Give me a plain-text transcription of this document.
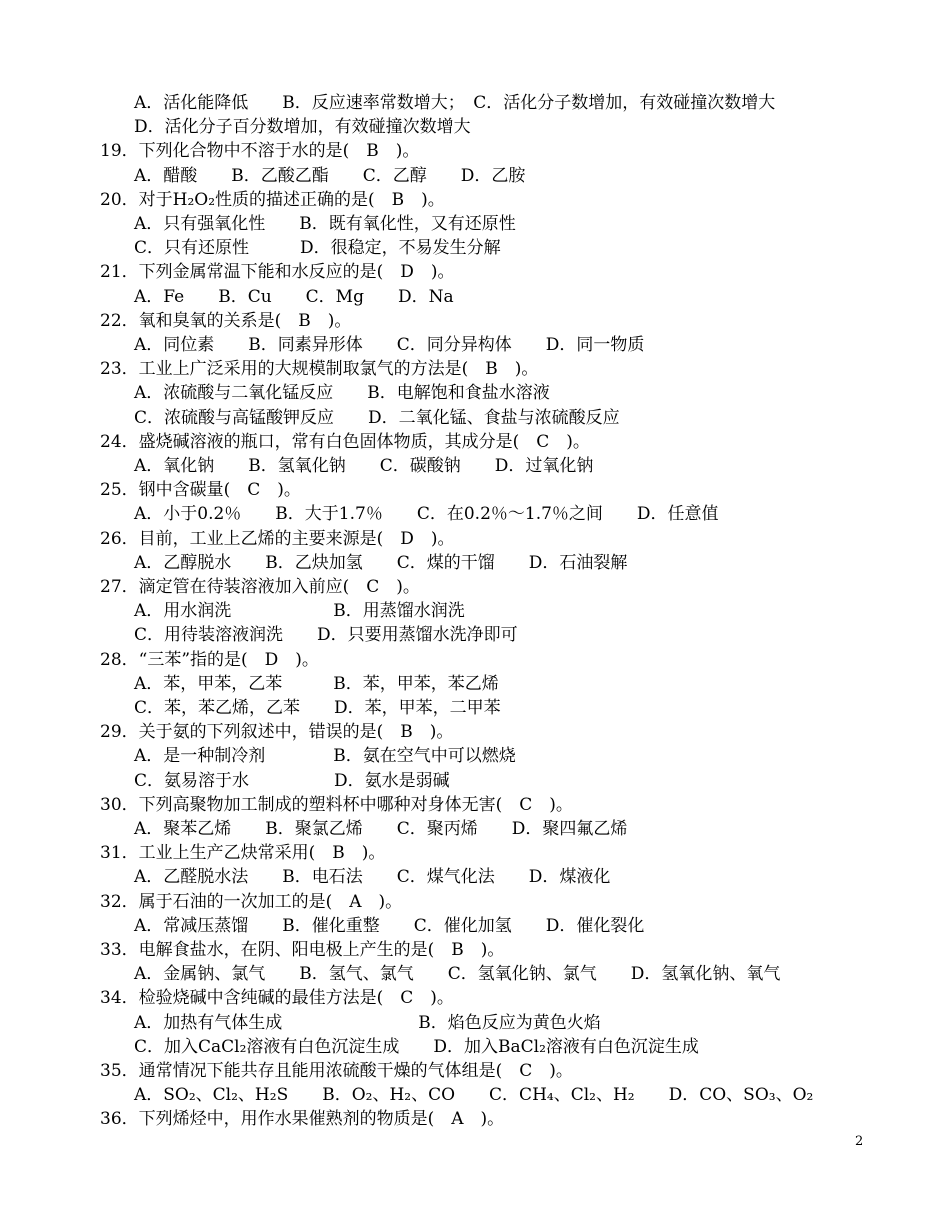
A．活化能降低　　B．反应速率常数增大；　C．活化分子数增加，有效碰撞次数增大
D．活化分子百分数增加，有效碰撞次数增大
19．下列化合物中不溶于水的是(　B　)。
A．醋酸　　B．乙酸乙酯　　C．乙醇　　D．乙胺
20．对于H₂O₂性质的描述正确的是(　B　)。
A．只有强氧化性　　B．既有氧化性，又有还原性
C．只有还原性　　　D．很稳定，不易发生分解
21．下列金属常温下能和水反应的是(　D　)。
A．Fe　　B．Cu　　C．Mg　　D．Na
22．氧和臭氧的关系是(　B　)。
A．同位素　　B．同素异形体　　C．同分异构体　　D．同一物质
23．工业上广泛采用的大规模制取氯气的方法是(　B　)。
A．浓硫酸与二氧化锰反应　　B．电解饱和食盐水溶液
C．浓硫酸与高锰酸钾反应　　D．二氧化锰、食盐与浓硫酸反应
24．盛烧碱溶液的瓶口，常有白色固体物质，其成分是(　C　)。
A．氧化钠　　B．氢氧化钠　　C．碳酸钠　　D．过氧化钠
25．钢中含碳量(　C　)。
A．小于0.2％　　B．大于1.7％　　C．在0.2％～1.7％之间　　D．任意值
26．目前，工业上乙烯的主要来源是(　D　)。
A．乙醇脱水　　B．乙炔加氢　　C．煤的干馏　　D．石油裂解
27．滴定管在待装溶液加入前应(　C　)。
A．用水润洗　　　　　　B．用蒸馏水润洗
C．用待装溶液润洗　　D．只要用蒸馏水洗净即可
28．“三苯”指的是(　D　)。
A．苯，甲苯，乙苯　　　B．苯，甲苯，苯乙烯
C．苯，苯乙烯，乙苯　　D．苯，甲苯，二甲苯
29．关于氨的下列叙述中，错误的是(　B　)。
A．是一种制冷剂　　　　B．氨在空气中可以燃烧
C．氨易溶于水　　　　　D．氨水是弱碱
30．下列高聚物加工制成的塑料杯中哪种对身体无害(　C　)。
A．聚苯乙烯　　B．聚氯乙烯　　C．聚丙烯　　D．聚四氟乙烯
31．工业上生产乙炔常采用(　B　)。
A．乙醛脱水法　　B．电石法　　C．煤气化法　　D．煤液化
32．属于石油的一次加工的是(　A　)。
A．常减压蒸馏　　B．催化重整　　C．催化加氢　　D．催化裂化
33．电解食盐水，在阴、阳电极上产生的是(　B　)。
A．金属钠、氯气　　B．氢气、氯气　　C．氢氧化钠、氯气　　D．氢氧化钠、氧气
34．检验烧碱中含纯碱的最佳方法是(　C　)。
A．加热有气体生成　　　　　　　　B．焰色反应为黄色火焰
C．加入CaCl₂溶液有白色沉淀生成　　D．加入BaCl₂溶液有白色沉淀生成
35．通常情况下能共存且能用浓硫酸干燥的气体组是(　C　)。
A．SO₂、Cl₂、H₂S　　B．O₂、H₂、CO　　C．CH₄、Cl₂、H₂　　D．CO、SO₃、O₂
36．下列烯烃中，用作水果催熟剂的物质是(　A　)。
2
